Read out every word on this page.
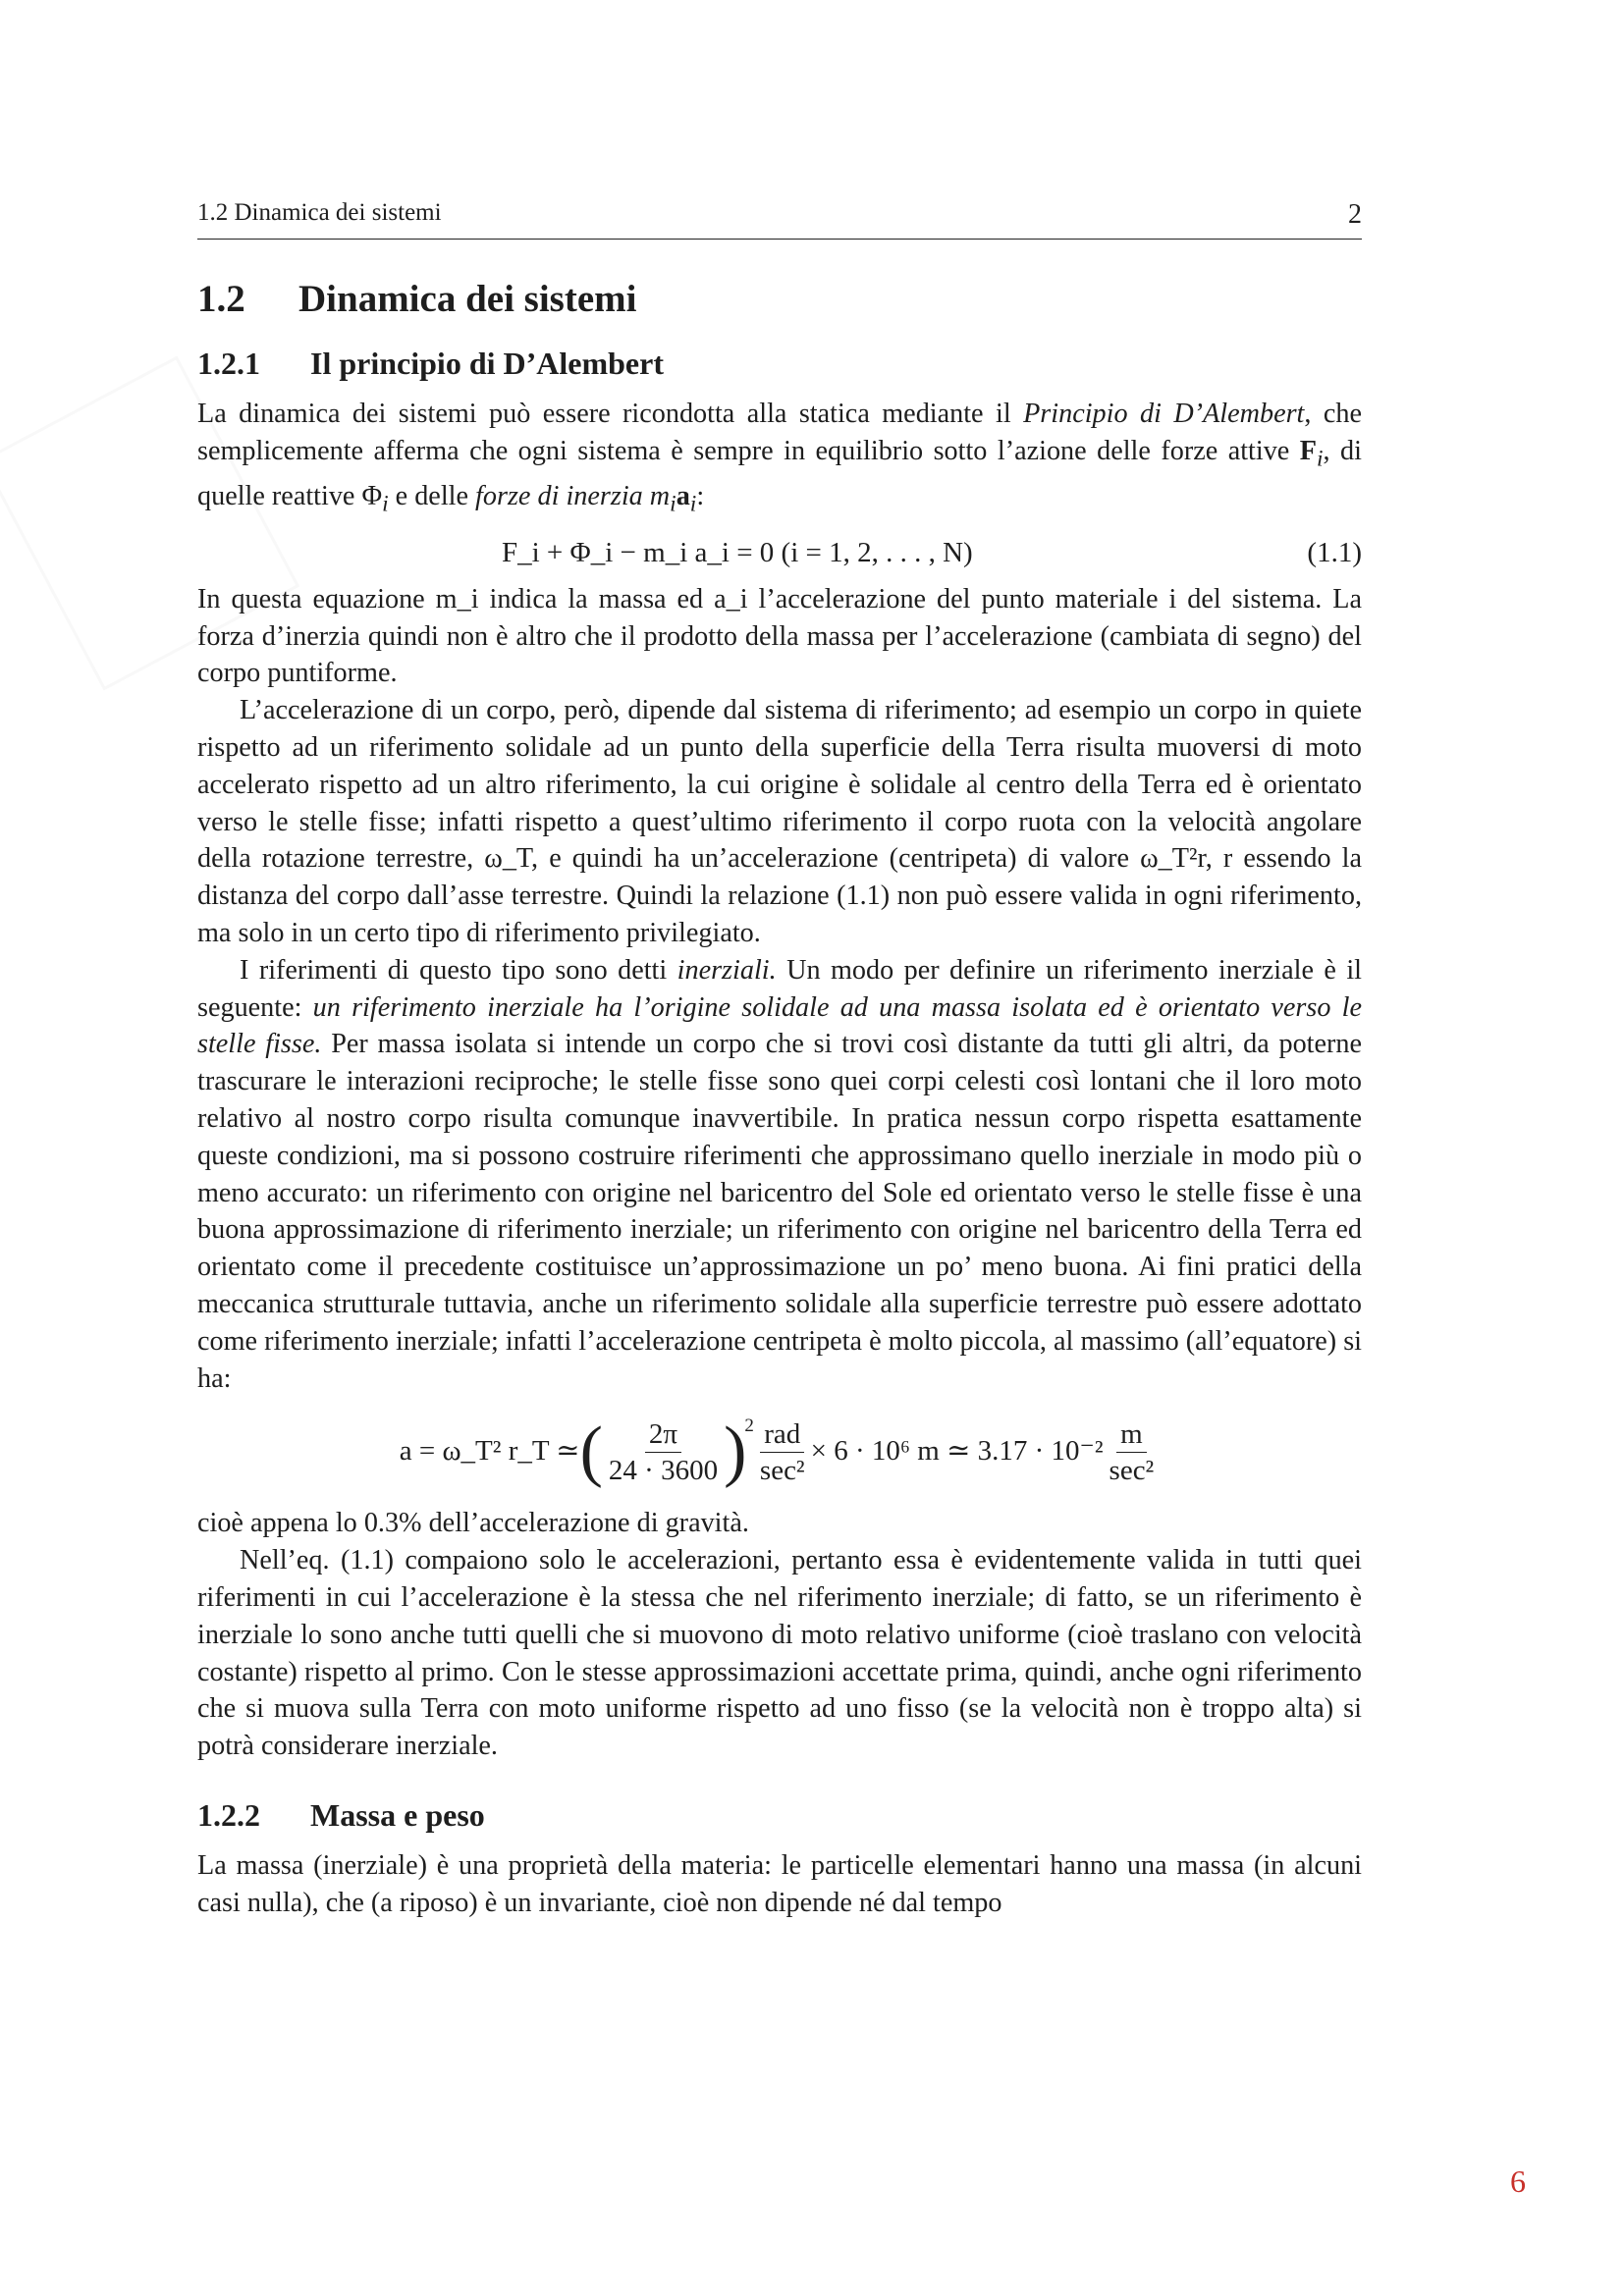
1.2 Dinamica dei sistemi	2
1.2 Dinamica dei sistemi
1.2.1 Il principio di D’Alembert

La dinamica dei sistemi può essere ricondotta alla statica mediante il Principio di D’Alembert, che semplicemente afferma che ogni sistema è sempre in equilibrio sotto l’azione delle forze attive $F_i$, di quelle reattive $\Phi_i$ e delle forze di inerzia $m_ia_i$:

F_i + Φ_i − m_i a_i = 0 (i = 1, 2, . . . , N)	(1.1)

In questa equazione m_i indica la massa ed a_i l’accelerazione del punto materiale i del sistema. La forza d’inerzia quindi non è altro che il prodotto della massa per l’accelerazione (cambiata di segno) del corpo puntiforme.

L’accelerazione di un corpo, però, dipende dal sistema di riferimento; ad esempio un corpo in quiete rispetto ad un riferimento solidale ad un punto della superficie della Terra risulta muoversi di moto accelerato rispetto ad un altro riferimento, la cui origine è solidale al centro della Terra ed è orientato verso le stelle fisse; infatti rispetto a quest’ultimo riferimento il corpo ruota con la velocità angolare della rotazione terrestre, ω_T, e quindi ha un’accelerazione (centripeta) di valore ω_T²r, r essendo la distanza del corpo dall’asse terrestre. Quindi la relazione (1.1) non può essere valida in ogni riferimento, ma solo in un certo tipo di riferimento privilegiato.

I riferimenti di questo tipo sono detti inerziali. Un modo per definire un riferimento inerziale è il seguente: un riferimento inerziale ha l’origine solidale ad una massa isolata ed è orientato verso le stelle fisse. Per massa isolata si intende un corpo che si trovi così distante da tutti gli altri, da poterne trascurare le interazioni reciproche; le stelle fisse sono quei corpi celesti così lontani che il loro moto relativo al nostro corpo risulta comunque inavvertibile. In pratica nessun corpo rispetta esattamente queste condizioni, ma si possono costruire riferimenti che approssimano quello inerziale in modo più o meno accurato: un riferimento con origine nel baricentro del Sole ed orientato verso le stelle fisse è una buona approssimazione di riferimento inerziale; un riferimento con origine nel baricentro della Terra ed orientato come il precedente costituisce un’approssimazione un po’ meno buona. Ai fini pratici della meccanica strutturale tuttavia, anche un riferimento solidale alla superficie terrestre può essere adottato come riferimento inerziale; infatti l’accelerazione centripeta è molto piccola, al massimo (all’equatore) si ha:

a = ω_T² r_T ≃ ( $\frac{2\pi}{24 \cdot 3600}$ )
$2 \frac{\text{rad}}{\text{sec²}} \times 6 \cdot 10^6$ m ≃ $3.17 \cdot 10^{-2} \frac{m}{\text{sec²}}$

cioè appena lo 0.3% dell’accelerazione di gravità.

Nell’eq. (1.1) compaiono solo le accelerazioni, pertanto essa è evidentemente valida in tutti quei riferimenti in cui l’accelerazione è la stessa che nel riferimento inerziale; di fatto, se un riferimento è inerziale lo sono anche tutti quelli che si muovono di moto relativo uniforme (cioè traslano con velocità costante) rispetto al primo. Con le stesse approssimazioni accettate prima, quindi, anche ogni riferimento che si muova sulla Terra con moto uniforme rispetto ad uno fisso (se la velocità non è troppo alta) si potrà considerare inerziale.

1.2.2 Massa e peso

La massa (inerziale) è una proprietà della materia: le particelle elementari hanno una massa (in alcuni casi nulla), che (a riposo) è un invariante, cioè non dipende né dal tempo

6
